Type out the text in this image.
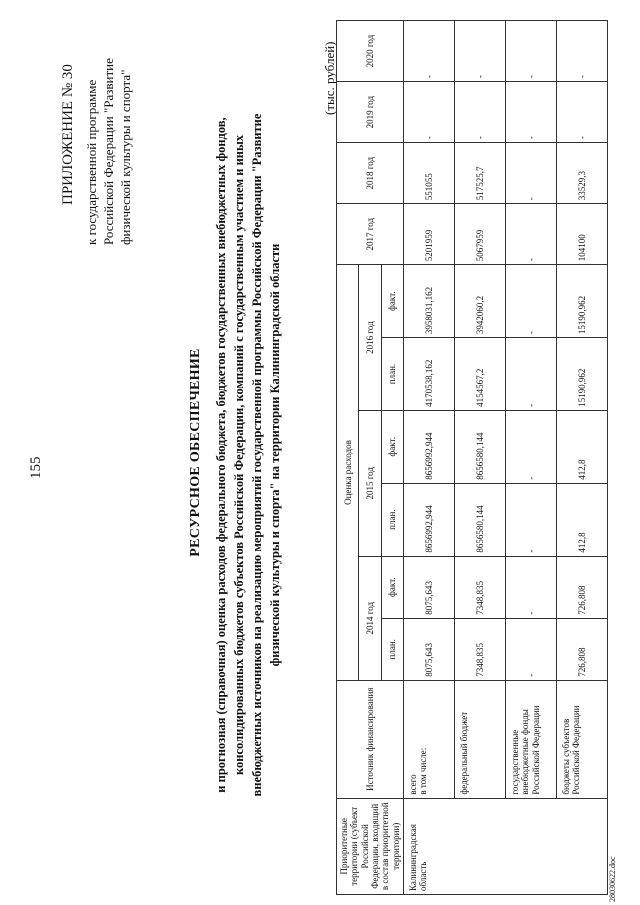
155
ПРИЛОЖЕНИЕ № 30 к государственной программе Российской Федерации "Развитие физической культуры и спорта"
РЕСУРСНОЕ ОБЕСПЕЧЕНИЕ и прогнозная (справочная) оценка расходов федерального бюджета, бюджетов государственных внебюджетных фондов, консолидированных бюджетов субъектов Российской Федерации, компаний с государственным участием и иных внебюджетных источников на реализацию мероприятий государственной программы Российской Федерации "Развитие физической культуры и спорта" на территории Калининградской области
(тыс. рублей)
Приоритетные территории (субъект Российской Федерации, входящий в состав приоритетной территории)	Источник финансирования	Оценка расходов						2017 год	2018 год	2019 год	2020 год
		2014 год		2015 год		2016 год					
		план.	факт.	план.	факт.	план.	факт.				
Калининградская область	всего в том числе:	8075,643	8075,643	8656992,944	8656992,944	4170538,162	3958031,162	5201959	551055	-	-
	федеральный бюджет	7348,835	7348,835	8656580,144	8656580,144	4154567,2	3942060,2	5067959	517525,7	-	-
	государственные внебюджетные фонды Российской Федерации	-	-	-	-	-	-	-	-	-	-
	бюджеты субъектов Российской Федерации	726,808	726,808	412,8	412,8	15190,962	15190,962	104100	33529,3	-	-
28030622.doc
